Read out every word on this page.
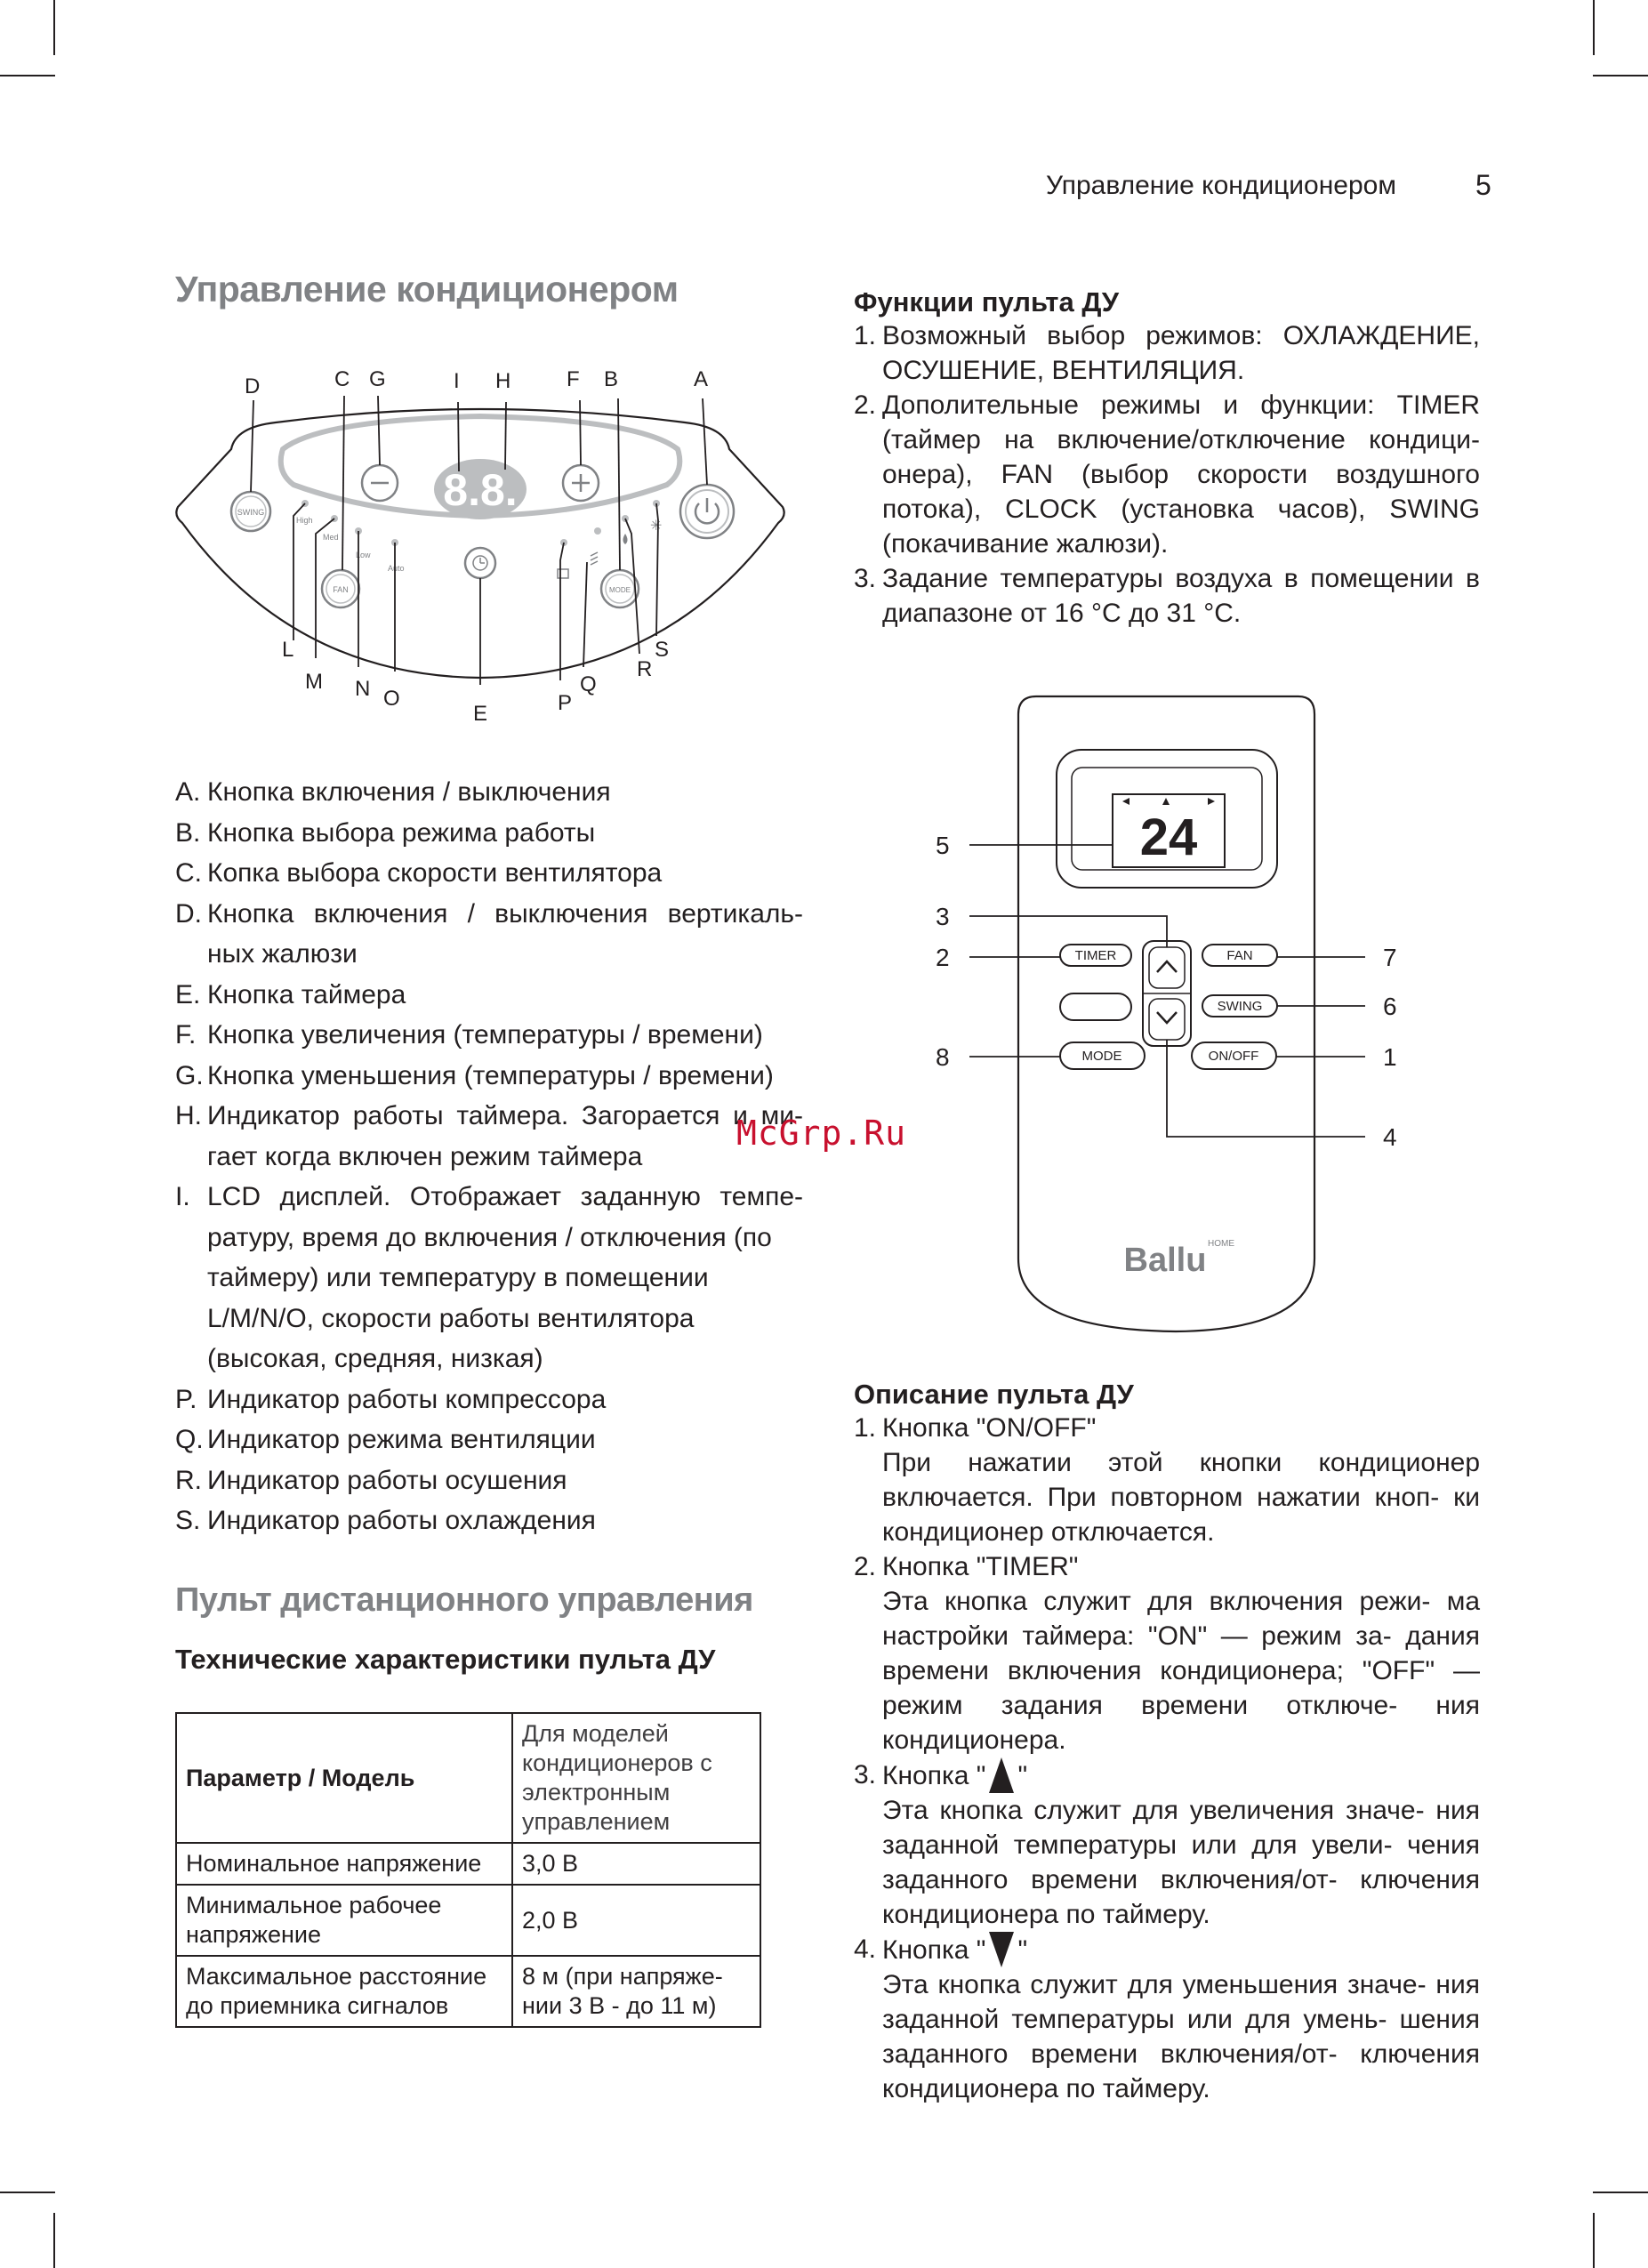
Управление кондиционером	5
Управление кондиционером
8.8.
SWING
FAN	MODE
High
Med
Low
Auto
✳
D	C G	I H	F B	A
L
M N O
E	P
Q
R
S
A. Кнопка включения / выключения
B. Кнопка выбора режима работы
C. Копка выбора скорости вентилятора
D. Кнопка включения / выключения вертикаль-
ных жалюзи
E. Кнопка таймера
F. Кнопка увеличения (температуры / времени)
G. Кнопка уменьшения (температуры / времени)
H. Индикатор работы таймера. Загорается и ми-
гает когда включен режим таймера
I. LCD дисплей. Отображает заданную темпе-
ратуру, время до включения / отключения (по
таймеру) или температуру в помещении
L/M/N/O, скорости работы вентилятора
(высокая, средняя, низкая)
P. Индикатор работы компрессора
Q. Индикатор режима вентиляции
R. Индикатор работы осушения
S. Индикатор работы охлаждения
Пульт дистанционного управления
Технические характеристики пульта ДУ
Параметр / Модель	Для моделей кондиционеров с электронным управлением
Номинальное напряжение	3,0 В
Минимальное рабочее напряжение	2,0 В
Максимальное расстояние до приемника сигналов	8 м (при напряже- нии 3 В - до 11 м)
Функции пульта ДУ
1. Возможный выбор режимов: ОХЛАЖДЕНИЕ, ОСУШЕНИЕ, ВЕНТИЛЯЦИЯ.
2. Дополительные режимы и функции: TIMER (таймер на включение/отключение кондици- онера), FAN (выбор скорости воздушного потока), CLOCK (установка часов), SWING (покачивание жалюзи).
3. Задание температуры воздуха в помещении в диапазоне от 16 °С до 31 °С.
24
TIMER	FAN
SWING
MODE	ON/OFF
Ballu HOME
5
3
2
8
7
6
1
4
Описание пульта ДУ
1. Кнопка "ON/OFF"
При нажатии этой кнопки кондиционер включается. При повторном нажатии кноп- ки кондиционер отключается.
2. Кнопка "TIMER"
Эта кнопка служит для включения режи- ма настройки таймера: "ON" — режим за- дания времени включения кондиционера; "OFF" — режим задания времени отключе- ния кондиционера.
3. Кнопка " "
Эта кнопка служит для увеличения значе- ния заданной температуры или для увели- чения заданного времени включения/от- ключения кондиционера по таймеру.
4. Кнопка " "
Эта кнопка служит для уменьшения значе- ния заданной температуры или для умень- шения заданного времени включения/от- ключения кондиционера по таймеру.
McGrp.Ru
